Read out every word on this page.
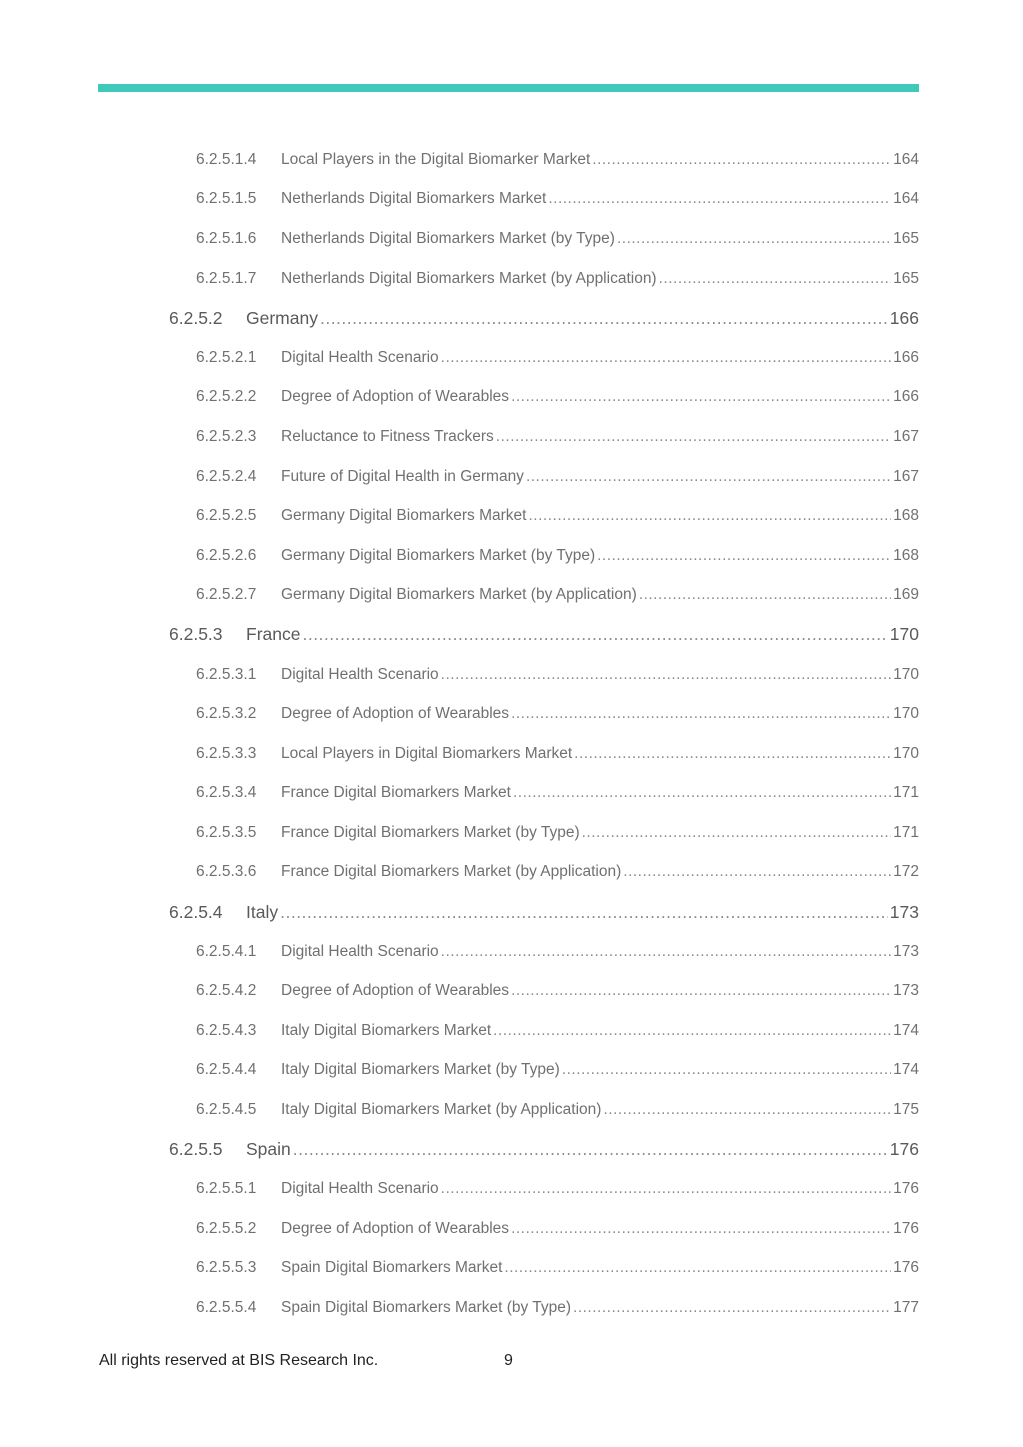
6.2.5.1.4	Local Players in the Digital Biomarker Market .....	164
6.2.5.1.5	Netherlands Digital Biomarkers Market .....	164
6.2.5.1.6	Netherlands Digital Biomarkers Market (by Type) .....	165
6.2.5.1.7	Netherlands Digital Biomarkers Market (by Application) .....	165
6.2.5.2	Germany .....	166
6.2.5.2.1	Digital Health Scenario .....	166
6.2.5.2.2	Degree of Adoption of Wearables .....	166
6.2.5.2.3	Reluctance to Fitness Trackers .....	167
6.2.5.2.4	Future of Digital Health in Germany .....	167
6.2.5.2.5	Germany Digital Biomarkers Market .....	168
6.2.5.2.6	Germany Digital Biomarkers Market (by Type) .....	168
6.2.5.2.7	Germany Digital Biomarkers Market (by Application) .....	169
6.2.5.3	France .....	170
6.2.5.3.1	Digital Health Scenario .....	170
6.2.5.3.2	Degree of Adoption of Wearables .....	170
6.2.5.3.3	Local Players in Digital Biomarkers Market .....	170
6.2.5.3.4	France Digital Biomarkers Market .....	171
6.2.5.3.5	France Digital Biomarkers Market (by Type) .....	171
6.2.5.3.6	France Digital Biomarkers Market (by Application) .....	172
6.2.5.4	Italy .....	173
6.2.5.4.1	Digital Health Scenario .....	173
6.2.5.4.2	Degree of Adoption of Wearables .....	173
6.2.5.4.3	Italy Digital Biomarkers Market .....	174
6.2.5.4.4	Italy Digital Biomarkers Market (by Type) .....	174
6.2.5.4.5	Italy Digital Biomarkers Market (by Application) .....	175
6.2.5.5	Spain .....	176
6.2.5.5.1	Digital Health Scenario .....	176
6.2.5.5.2	Degree of Adoption of Wearables .....	176
6.2.5.5.3	Spain Digital Biomarkers Market .....	176
6.2.5.5.4	Spain Digital Biomarkers Market (by Type) .....	177
All rights reserved at BIS Research Inc.	9
